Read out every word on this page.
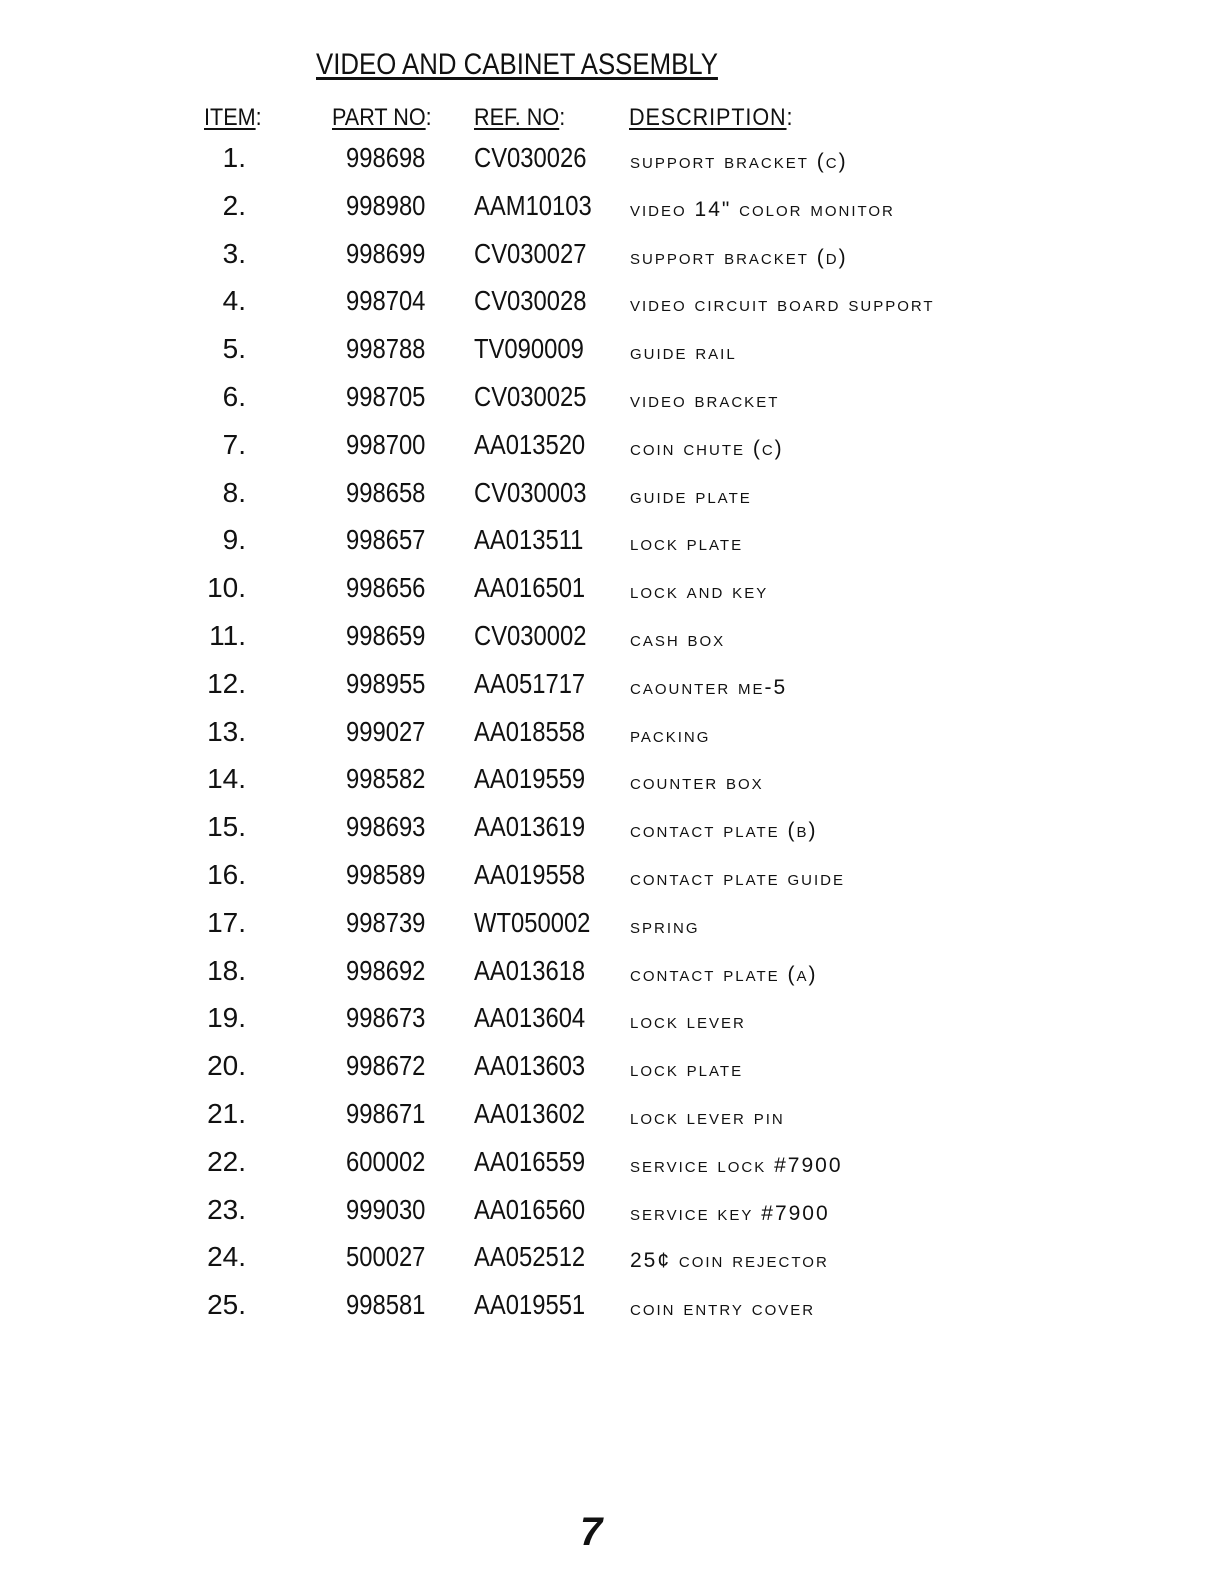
VIDEO AND CABINET ASSEMBLY
ITEM:	PART NO: REF. NO:	DESCRIPTION:
1.	998698 CV030026 support bracket (c)
2.	998980 AAM10103 video 14" color monitor
3.	998699 CV030027 support bracket (d)
4.	998704 CV030028 video circuit board support
5.	998788 TV090009 guide rail
6.	998705 CV030025 video bracket
7.	998700 AA013520 coin chute (c)
8.	998658 CV030003 guide plate
9.	998657 AA013511 lock plate
10.	998656 AA016501 lock and key
11.	998659 CV030002 cash box
12.	998955 AA051717 caounter me-5
13.	999027 AA018558 packing
14.	998582 AA019559 counter box
15.	998693 AA013619 contact plate (b)
16.	998589 AA019558 contact plate guide
17.	998739 WT050002 spring
18.	998692 AA013618 contact plate (a)
19.	998673 AA013604 lock lever
20.	998672 AA013603 lock plate
21.	998671 AA013602 lock lever pin
22.	600002 AA016559 service lock #7900
23.	999030 AA016560 service key #7900
24.	500027 AA052512 25¢ coin rejector
25.	998581 AA019551 coin entry cover
7
